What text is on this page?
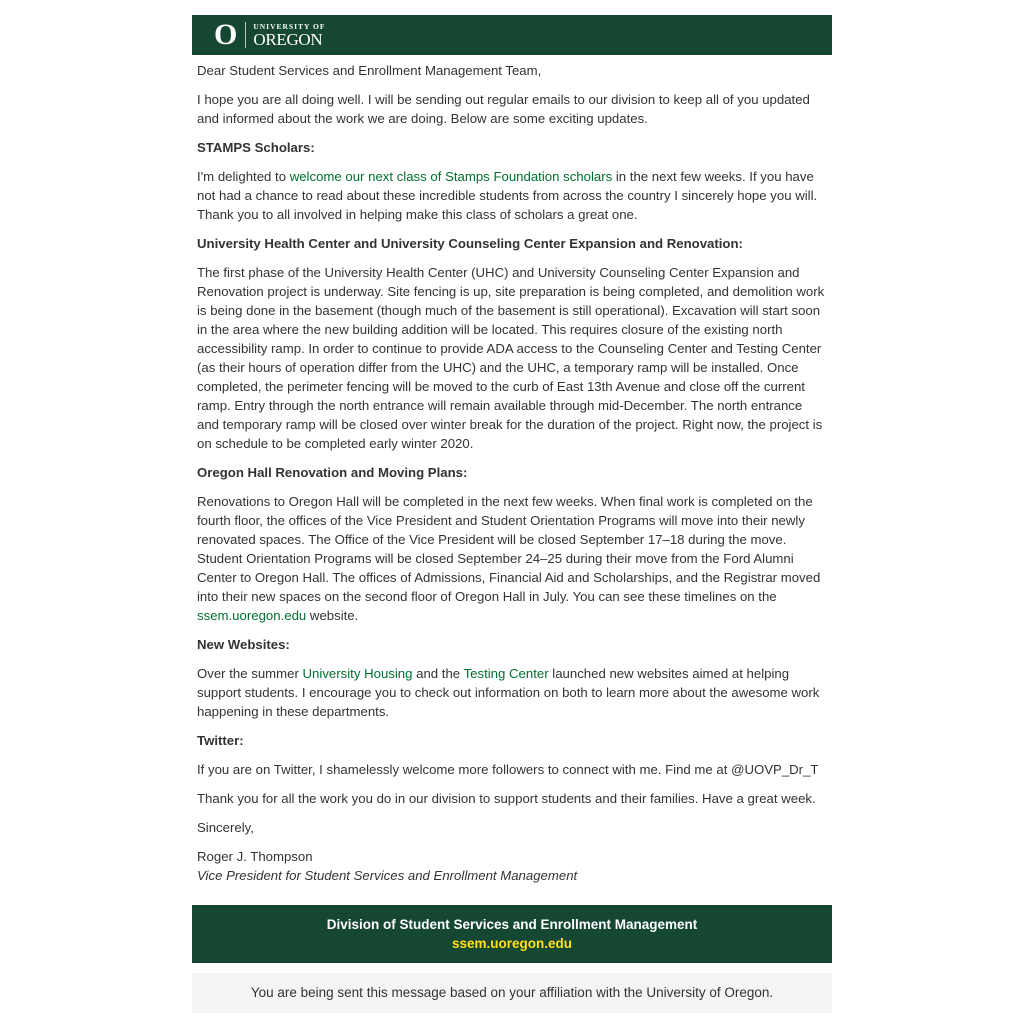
O UNIVERSITY OF
OREGON

Dear Student Services and Enrollment Management Team,

I hope you are all doing well. I will be sending out regular emails to our division to keep all of you updated and informed about the work we are doing. Below are some exciting updates.

STAMPS Scholars:

I'm delighted to welcome our next class of Stamps Foundation scholars in the next few weeks. If you have not had a chance to read about these incredible students from across the country I sincerely hope you will. Thank you to all involved in helping make this class of scholars a great one.

University Health Center and University Counseling Center Expansion and Renovation:

The first phase of the University Health Center (UHC) and University Counseling Center Expansion and Renovation project is underway. Site fencing is up, site preparation is being completed, and demolition work is being done in the basement (though much of the basement is still operational). Excavation will start soon in the area where the new building addition will be located. This requires closure of the existing north accessibility ramp. In order to continue to provide ADA access to the Counseling Center and Testing Center (as their hours of operation differ from the UHC) and the UHC, a temporary ramp will be installed. Once completed, the perimeter fencing will be moved to the curb of East 13th Avenue and close off the current ramp. Entry through the north entrance will remain available through mid-December. The north entrance and temporary ramp will be closed over winter break for the duration of the project. Right now, the project is on schedule to be completed early winter 2020.

Oregon Hall Renovation and Moving Plans:

Renovations to Oregon Hall will be completed in the next few weeks. When final work is completed on the fourth floor, the offices of the Vice President and Student Orientation Programs will move into their newly renovated spaces. The Office of the Vice President will be closed September 17–18 during the move. Student Orientation Programs will be closed September 24–25 during their move from the Ford Alumni Center to Oregon Hall. The offices of Admissions, Financial Aid and Scholarships, and the Registrar moved into their new spaces on the second floor of Oregon Hall in July. You can see these timelines on the ssem.uoregon.edu website.

New Websites:

Over the summer University Housing and the Testing Center launched new websites aimed at helping support students. I encourage you to check out information on both to learn more about the awesome work happening in these departments.

Twitter:

If you are on Twitter, I shamelessly welcome more followers to connect with me. Find me at @UOVP_Dr_T

Thank you for all the work you do in our division to support students and their families. Have a great week.

Sincerely,

Roger J. Thompson
Vice President for Student Services and Enrollment Management

Division of Student Services and Enrollment Management
ssem.uoregon.edu
You are being sent this message based on your affiliation with the University of Oregon.
